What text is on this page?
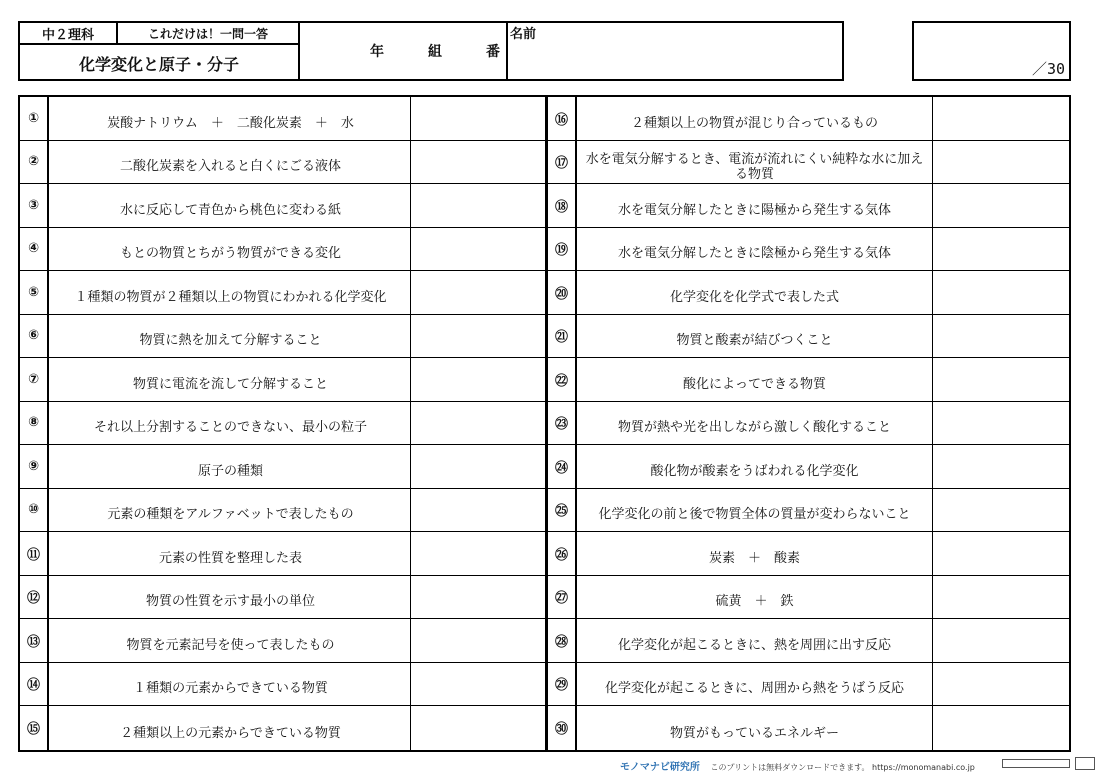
中２理科	これだけは！一問一答
化学変化と原子・分子
年	組	番
名前
／30
①	炭酸ナトリウム　＋　二酸化炭素　＋　水
②	二酸化炭素を入れると白くにごる液体
③	水に反応して青色から桃色に変わる紙
④	もとの物質とちがう物質ができる変化
⑤	１種類の物質が２種類以上の物質にわかれる化学変化
⑥	物質に熱を加えて分解すること
⑦	物質に電流を流して分解すること
⑧	それ以上分割することのできない、最小の粒子
⑨	原子の種類
⑩	元素の種類をアルファベットで表したもの
⑪	元素の性質を整理した表
⑫	物質の性質を示す最小の単位
⑬	物質を元素記号を使って表したもの
⑭	１種類の元素からできている物質
⑮	２種類以上の元素からできている物質
⑯	２種類以上の物質が混じり合っているもの
⑰	水を電気分解するとき、電流が流れにくい純粋な水に加える物質
⑱	水を電気分解したときに陽極から発生する気体
⑲	水を電気分解したときに陰極から発生する気体
⑳	化学変化を化学式で表した式
㉑	物質と酸素が結びつくこと
㉒	酸化によってできる物質
㉓	物質が熱や光を出しながら激しく酸化すること
㉔	酸化物が酸素をうばわれる化学変化
㉕	化学変化の前と後で物質全体の質量が変わらないこと
㉖	炭素　＋　酸素
㉗	硫黄　＋　鉄
㉘	化学変化が起こるときに、熱を周囲に出す反応
㉙	化学変化が起こるときに、周囲から熱をうばう反応
㉚	物質がもっているエネルギー
モノマナビ研究所 このプリントは無料ダウンロードできます。 https://monomanabi.co.jp
